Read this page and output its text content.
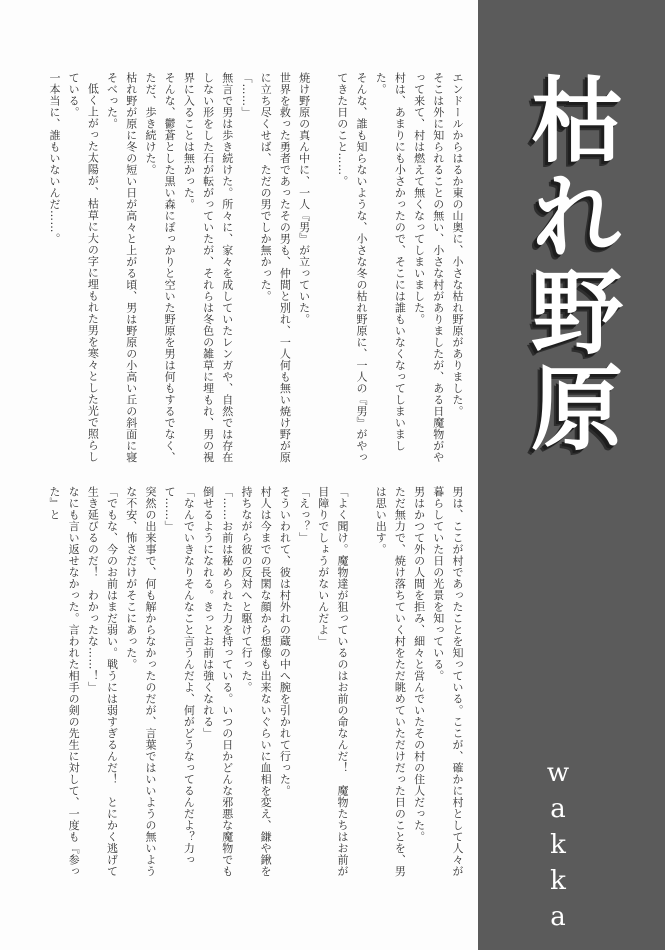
枯れ野原
wakka

エンドールからはるか東の山奥に、小さな枯れ野原がありました。

そこは外に知られることの無い、小さな村がありましたが、ある日魔物がやって来て、村は燃えて無くなってしまいました。

村は、あまりにも小さかったので、そこには誰もいなくなってしまいました。

そんな、誰も知らないような、小さな冬の枯れ野原に、一人の『男』がやってきた日のこと……。

焼け野原の真ん中に、一人『男』が立っていた。

世界を救った勇者であったその男も、仲間と別れ、一人何も無い焼け野が原に立ち尽くせば、ただの男でしか無かった。

「……」

無言で男は歩き続けた。所々に、家々を成していたレンガや、自然では存在しない形をした石が転がっていたが、それらは冬色の雑草に埋もれ、男の視界に入ることは無かった。

そんな、鬱蒼とした黒い森にぽっかりと空いた野原を男は何もするでなく、ただ、歩き続けた。

枯れ野が原に冬の短い日が高々と上がる頃、男は野原の小高い丘の斜面に寝そべった。

低く上がった太陽が、枯草に大の字に埋もれた男を寒々とした光で照らしている。

一本当に、誰もいないんだ……。

男は、ここが村であったことを知っている。ここが、確かに村として人々が暮らしていた日の光景を知っている。

男はかつて外の人間を拒み、細々と営んでいたその村の住人だった。

ただ無力で、焼け落ちていく村をただ眺めていただけだった日のことを、男は思い出す。

「よく聞け。魔物達が狙っているのはお前の命なんだ！　魔物たちはお前が目障りでしょうがないんだよ」

「えっ？」

そういわれて、彼は村外れの蔵の中へ腕を引かれて行った。

村人は今までの長閑な顔から想像も出来ないぐらいに血相を変え、鎌や鍬を持ちながら彼の反対へと駆けて行った。

「……お前は秘められた力を持っている。いつの日かどんな邪悪な魔物でも倒せるようになれる。きっとお前は強くなれる」

「なんでいきなりそんなこと言うんだよ、何がどうなってるんだよ？力って……」

突然の出来事で、何も解からなかったのだが、言葉ではいいようの無いような不安、怖さだけがそこにあった。

「でもな、今のお前はまだ弱い。戦うには弱すぎるんだ！　とにかく逃げて生き延びるのだ！　わかったな……！」

なにも言い返せなかった。言われた相手の剣の先生に対して、一度も『参った』と
